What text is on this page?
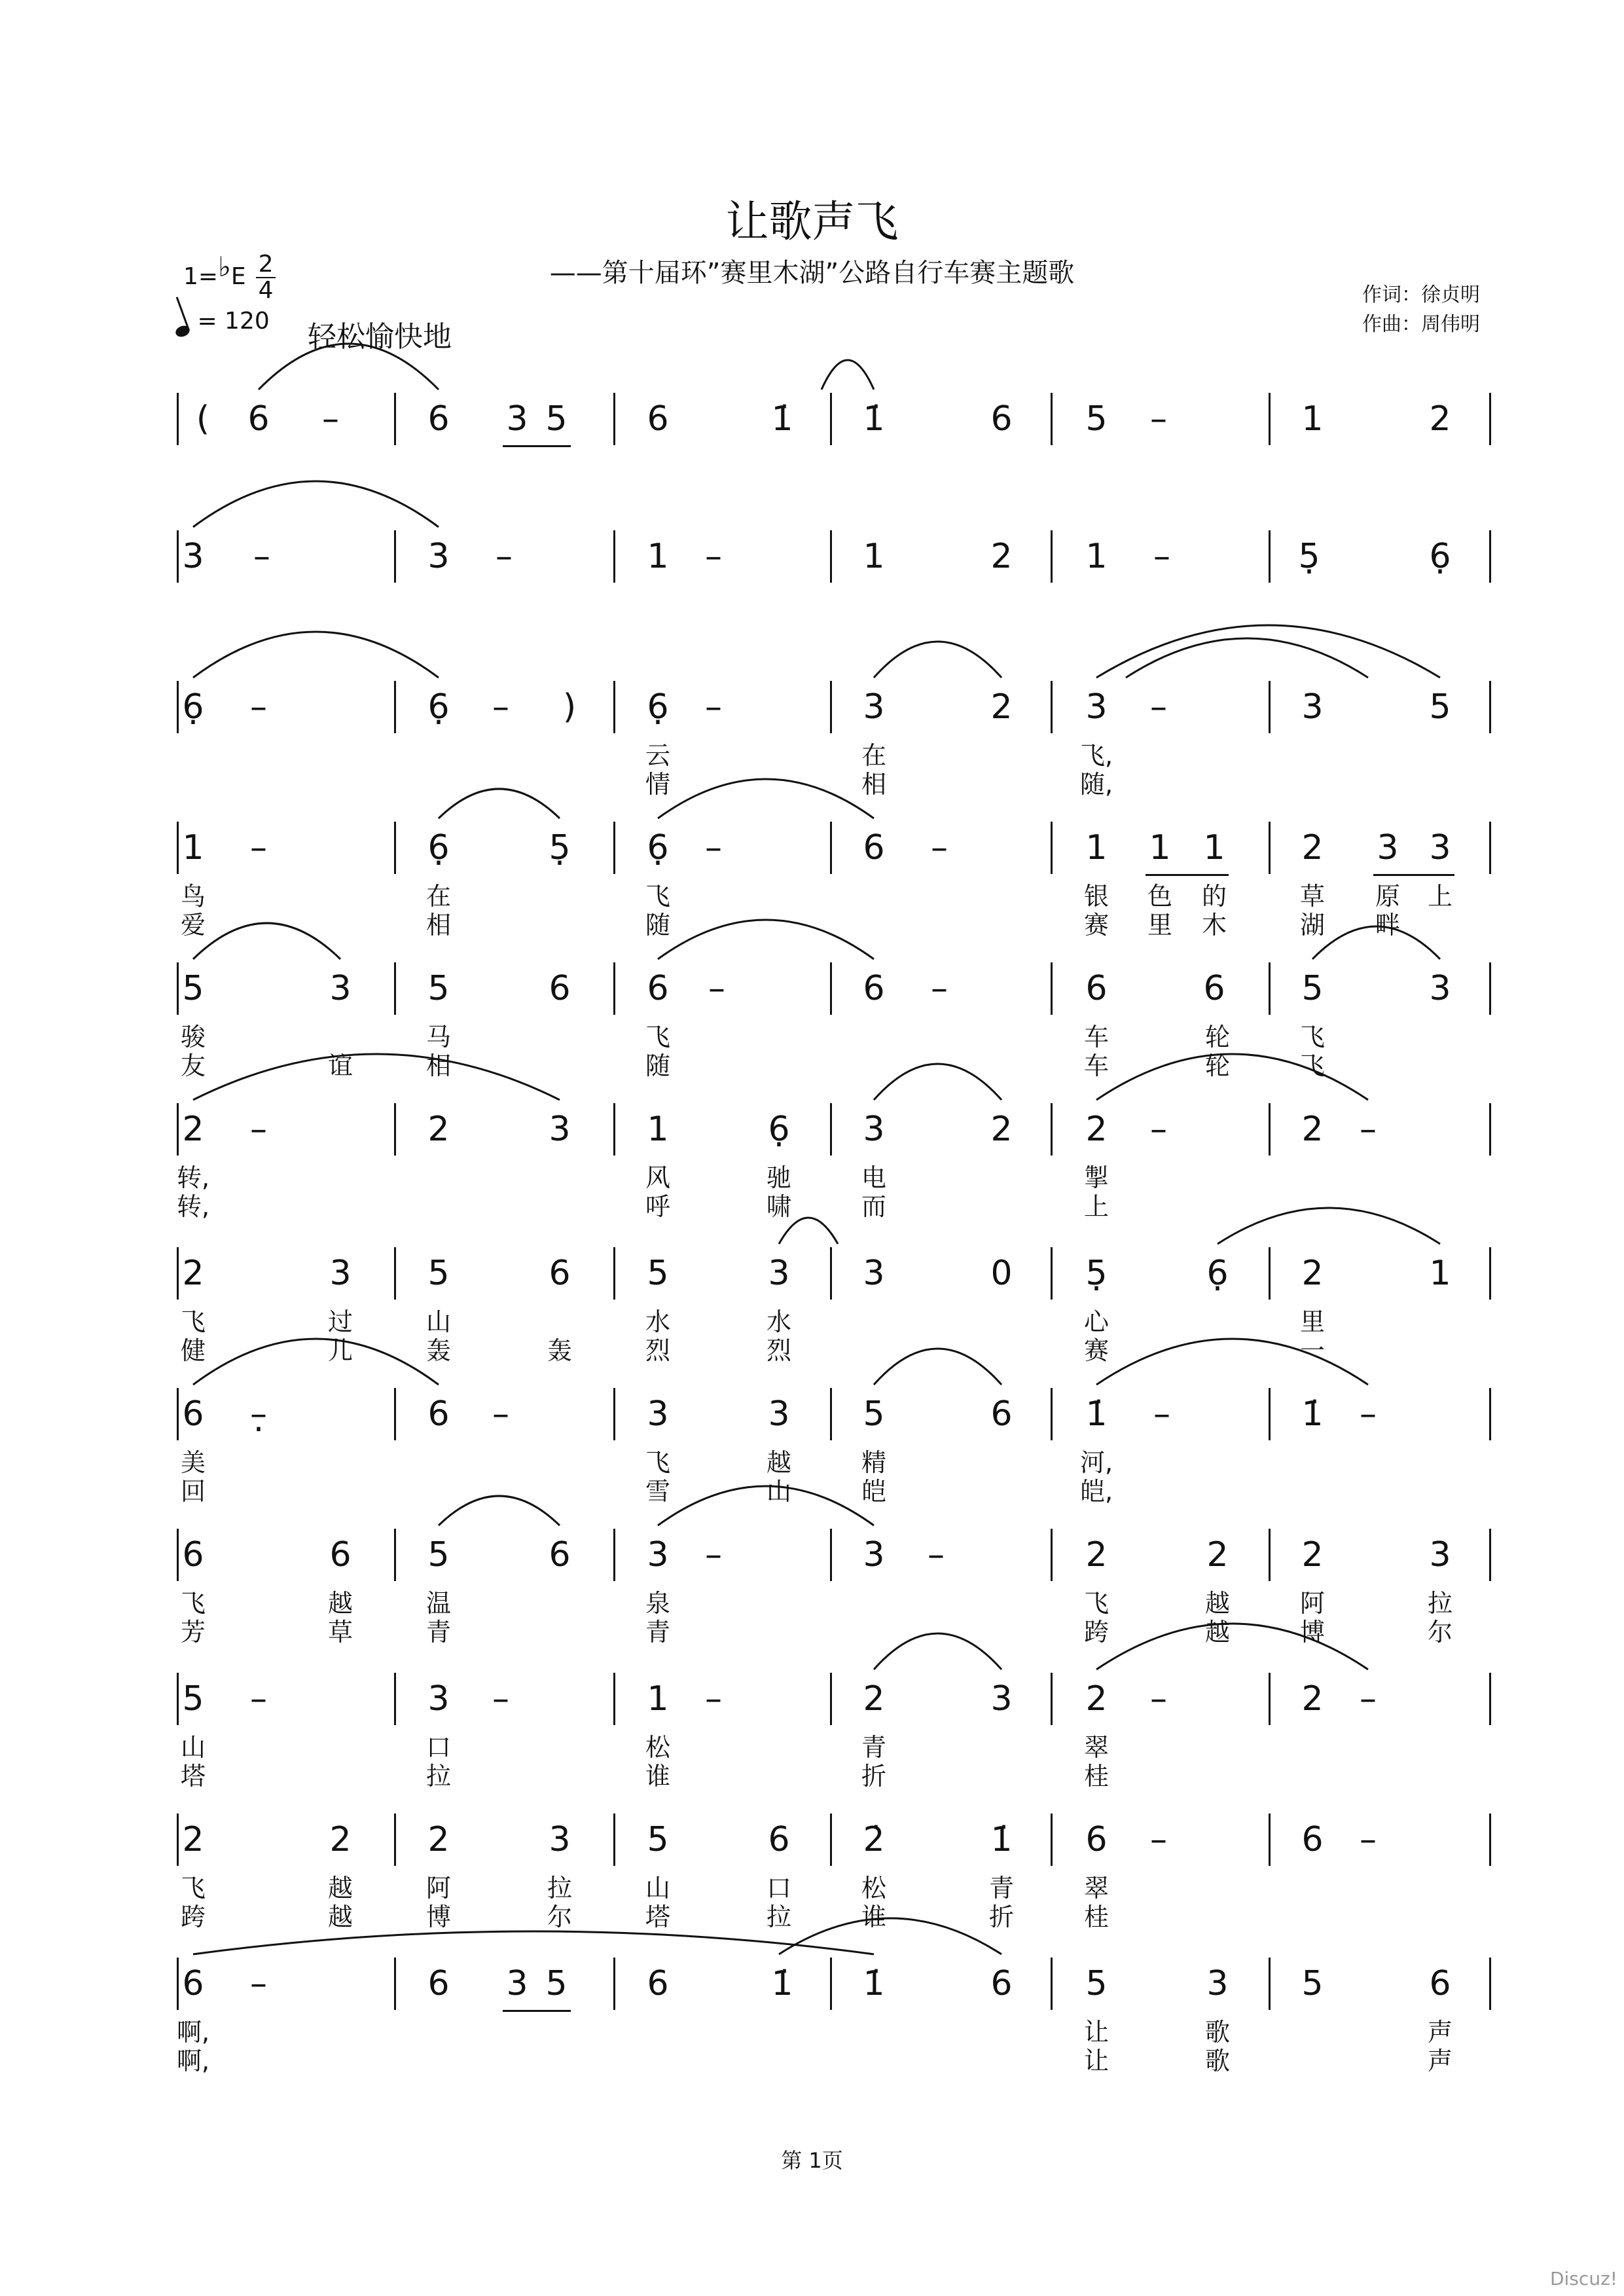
让歌声飞
——第十届环”赛里木湖”公路自行车赛主题歌
作词：徐贞明
作曲：周伟明
1=♭E $\frac{2}{4}$
= 120 轻松愉快地
6 –	6 3 5 6	1̇ 1̇	6 5 –	1	2
3 –	3 –	1 –	1	2 1 –	5 ·	6 ·
6 · –	6 · –	6 · –	3	2 3 –	3	5
云	在	飞,
情	相	随,
1 –	6 ·	5 · 6 · –	6 –	1 1 1 2 3 3
鸟	在	飞	银 色 的	草 原 上
爱	相	随	赛 里 木	湖 畔
5	3 5	6 6 –	6 –	6	6 5	3
骏	马	飞	车	轮	飞
友	谊	相	随	车	轮	飞
2 –	2	3 1	6 · 3	2 2 –	2 –
转,	风	驰	电	掣
转,	呼	啸	而	上
2	3 5	6 5	3 3	0 5 ·	6 · 2	1
飞	过	山	水	水	心	里
健	儿	轰	轰	烈	烈	赛	一
6 – ·	6 –	3	3 5	6 1̇ –	1̇ –
美	飞	越	精	河,
回	雪	山	皑	皑,
6	6 5	6 3 –	3 –	2	2 2	3
飞	越	温	泉	飞	越	阿	拉
芳	草	青	青	跨	越	博	尔
5 –	3 –	1 –	2	3 2 –	2 –
山	口	松	青	翠
塔	拉	谁	折	桂
2	2 2	3 5	6 2̇	1̇ 6 –	6 –
飞	越	阿	拉	山	口	松	青	翠
跨	越	博	尔	塔	拉	谁	折	桂
6 –	6 3 5 6	1̇ 1̇	6 5	3 5	6
啊,	让	歌	声
啊,	让	歌	声
(
)
第 1页
Discuz!
